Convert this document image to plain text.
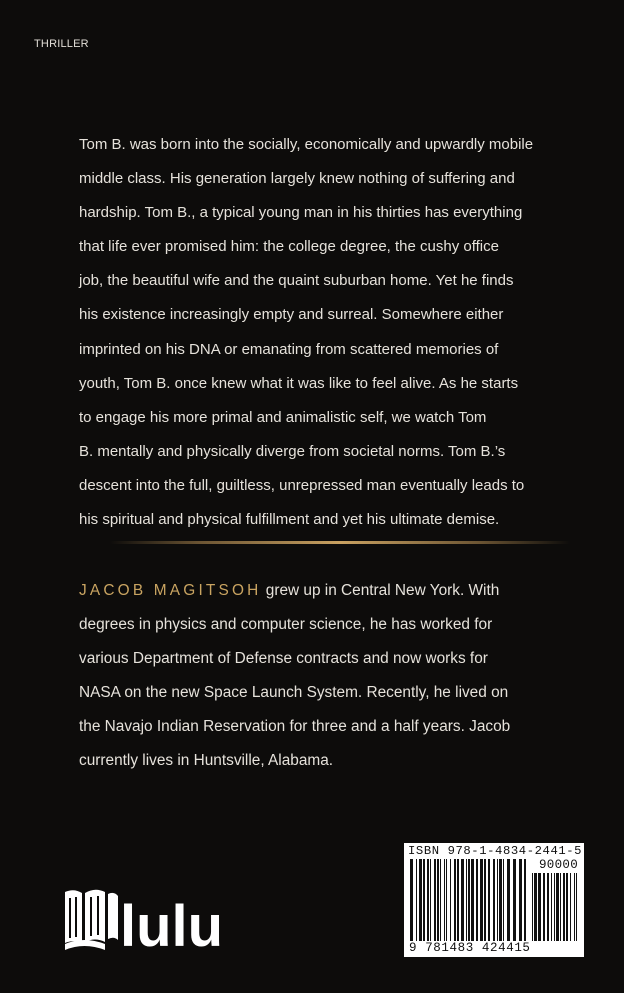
THRILLER

Tom B. was born into the socially, economically and upwardly mobile
middle class. His generation largely knew nothing of suffering and
hardship. Tom B., a typical young man in his thirties has everything
that life ever promised him: the college degree, the cushy office
job, the beautiful wife and the quaint suburban home. Yet he finds
his existence increasingly empty and surreal. Somewhere either
imprinted on his DNA or emanating from scattered memories of
youth, Tom B. once knew what it was like to feel alive. As he starts
to engage his more primal and animalistic self, we watch Tom
B. mentally and physically diverge from societal norms. Tom B.’s
descent into the full, guiltless, unrepressed man eventually leads to
his spiritual and physical fulfillment and yet his ultimate demise.

JACOB MAGITSOH grew up in Central New York. With
degrees in physics and computer science, he has worked for
various Department of Defense contracts and now works for
NASA on the new Space Launch System. Recently, he lived on
the Navajo Indian Reservation for three and a half years. Jacob
currently lives in Huntsville, Alabama.

lulu
ISBN 978-1-4834-2441-5
90000
9 781483 424415
